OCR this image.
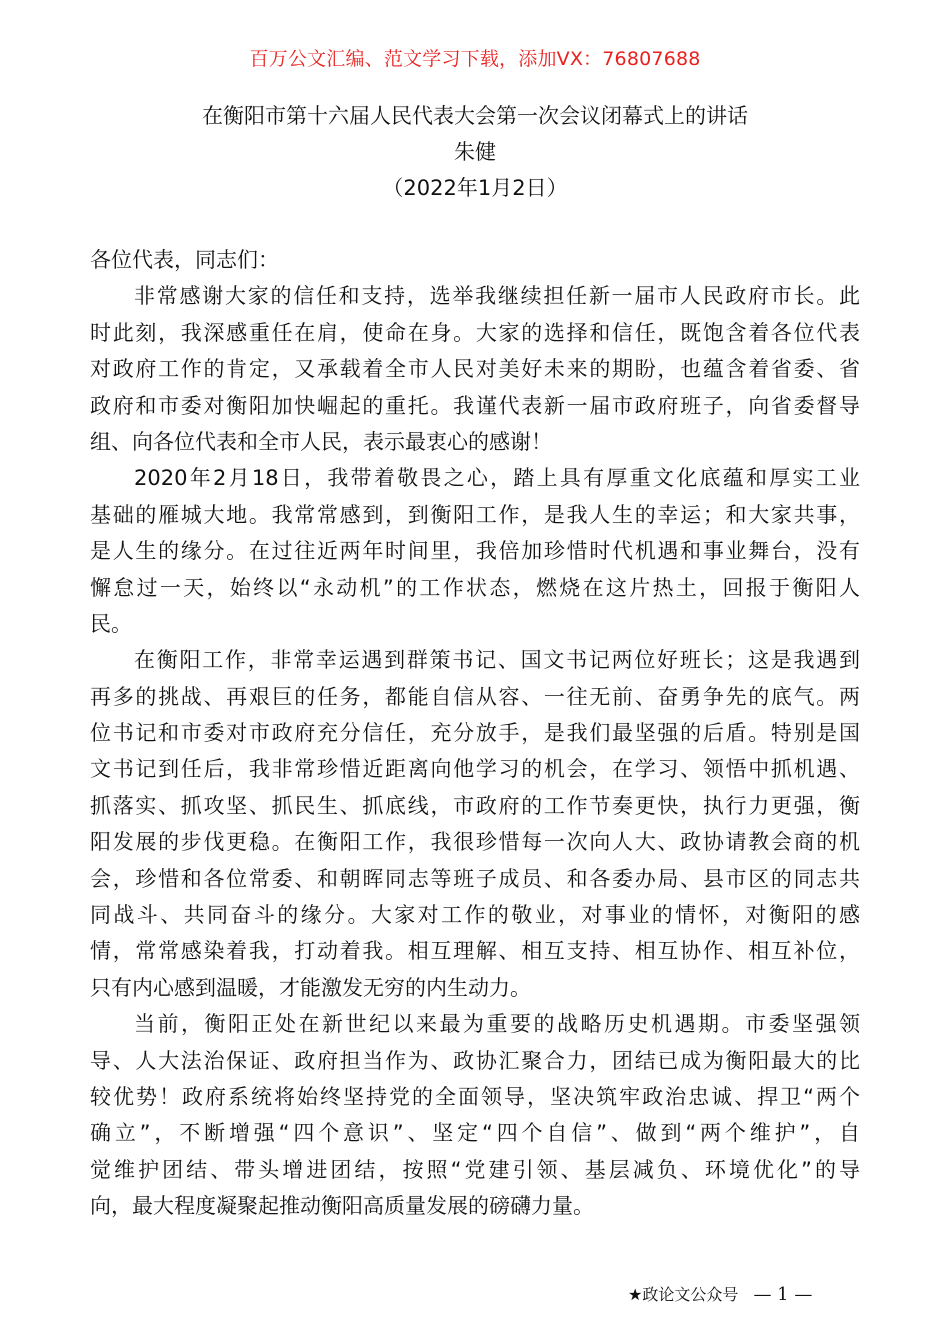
百万公文汇编、范文学习下载，添加VX：76807688
在衡阳市第十六届人民代表大会第一次会议闭幕式上的讲话
朱健
（2022年1月2日）
各位代表，同志们：
非常感谢大家的信任和支持，选举我继续担任新一届市人民政府市长。此
时此刻，我深感重任在肩，使命在身。大家的选择和信任，既饱含着各位代表
对政府工作的肯定，又承载着全市人民对美好未来的期盼，也蕴含着省委、省
政府和市委对衡阳加快崛起的重托。我谨代表新一届市政府班子，向省委督导
组、向各位代表和全市人民，表示最衷心的感谢！
2020年2月18日，我带着敬畏之心，踏上具有厚重文化底蕴和厚实工业
基础的雁城大地。我常常感到，到衡阳工作，是我人生的幸运；和大家共事，
是人生的缘分。在过往近两年时间里，我倍加珍惜时代机遇和事业舞台，没有
懈怠过一天，始终以“永动机”的工作状态，燃烧在这片热土，回报于衡阳人
民。
在衡阳工作，非常幸运遇到群策书记、国文书记两位好班长；这是我遇到
再多的挑战、再艰巨的任务，都能自信从容、一往无前、奋勇争先的底气。两
位书记和市委对市政府充分信任，充分放手，是我们最坚强的后盾。特别是国
文书记到任后，我非常珍惜近距离向他学习的机会，在学习、领悟中抓机遇、
抓落实、抓攻坚、抓民生、抓底线，市政府的工作节奏更快，执行力更强，衡
阳发展的步伐更稳。在衡阳工作，我很珍惜每一次向人大、政协请教会商的机
会，珍惜和各位常委、和朝晖同志等班子成员、和各委办局、县市区的同志共
同战斗、共同奋斗的缘分。大家对工作的敬业，对事业的情怀，对衡阳的感
情，常常感染着我，打动着我。相互理解、相互支持、相互协作、相互补位，
只有内心感到温暖，才能激发无穷的内生动力。
当前，衡阳正处在新世纪以来最为重要的战略历史机遇期。市委坚强领
导、人大法治保证、政府担当作为、政协汇聚合力，团结已成为衡阳最大的比
较优势！政府系统将始终坚持党的全面领导，坚决筑牢政治忠诚、捍卫“两个
确立”，不断增强“四个意识”、坚定“四个自信”、做到“两个维护”，自
觉维护团结、带头增进团结，按照“党建引领、基层减负、环境优化”的导
向，最大程度凝聚起推动衡阳高质量发展的磅礴力量。
★政论文公众号 — 1 —
